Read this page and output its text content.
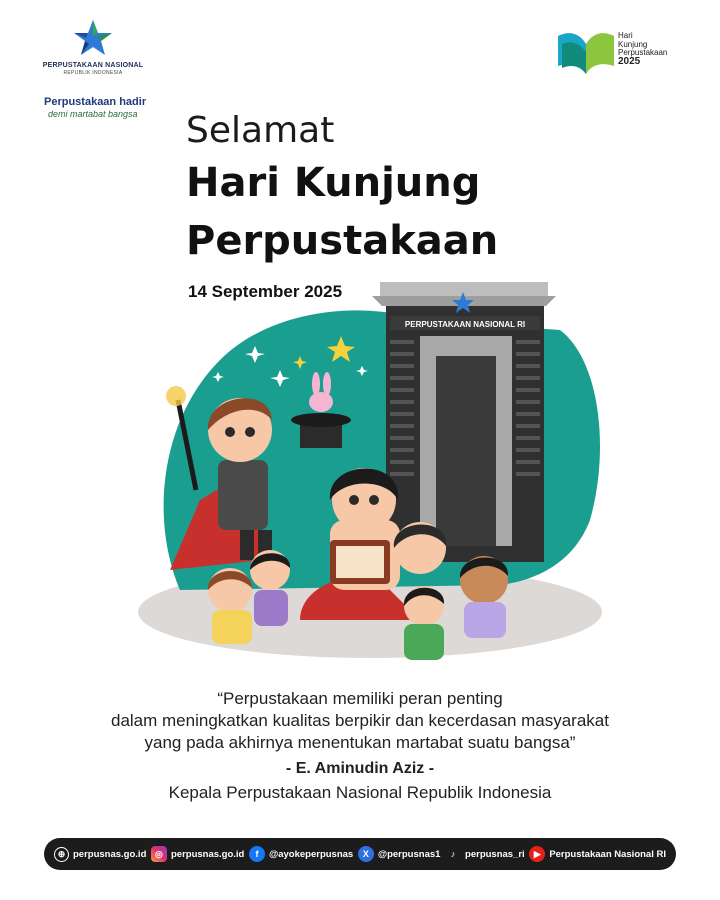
PERPUSTAKAAN NASIONAL
REPUBLIK INDONESIA
Perpustakaan hadir
demi martabat bangsa
Hari
Kunjung
Perpustakaan
2025
Selamat
Hari Kunjung
Perpustakaan
14 September 2025
PERPUSTAKAAN NASIONAL RI
“Perpustakaan memiliki peran penting
dalam meningkatkan kualitas berpikir dan kecerdasan masyarakat
yang pada akhirnya menentukan martabat suatu bangsa”
- E. Aminudin Aziz -
Kepala Perpustakaan Nasional Republik Indonesia
⊕ perpusnas.go.id ◎ perpusnas.go.id	f	@ayokeperpusnas	X @perpusnas1	♪	perpusnas_ri	▶ Perpustakaan Nasional RI
